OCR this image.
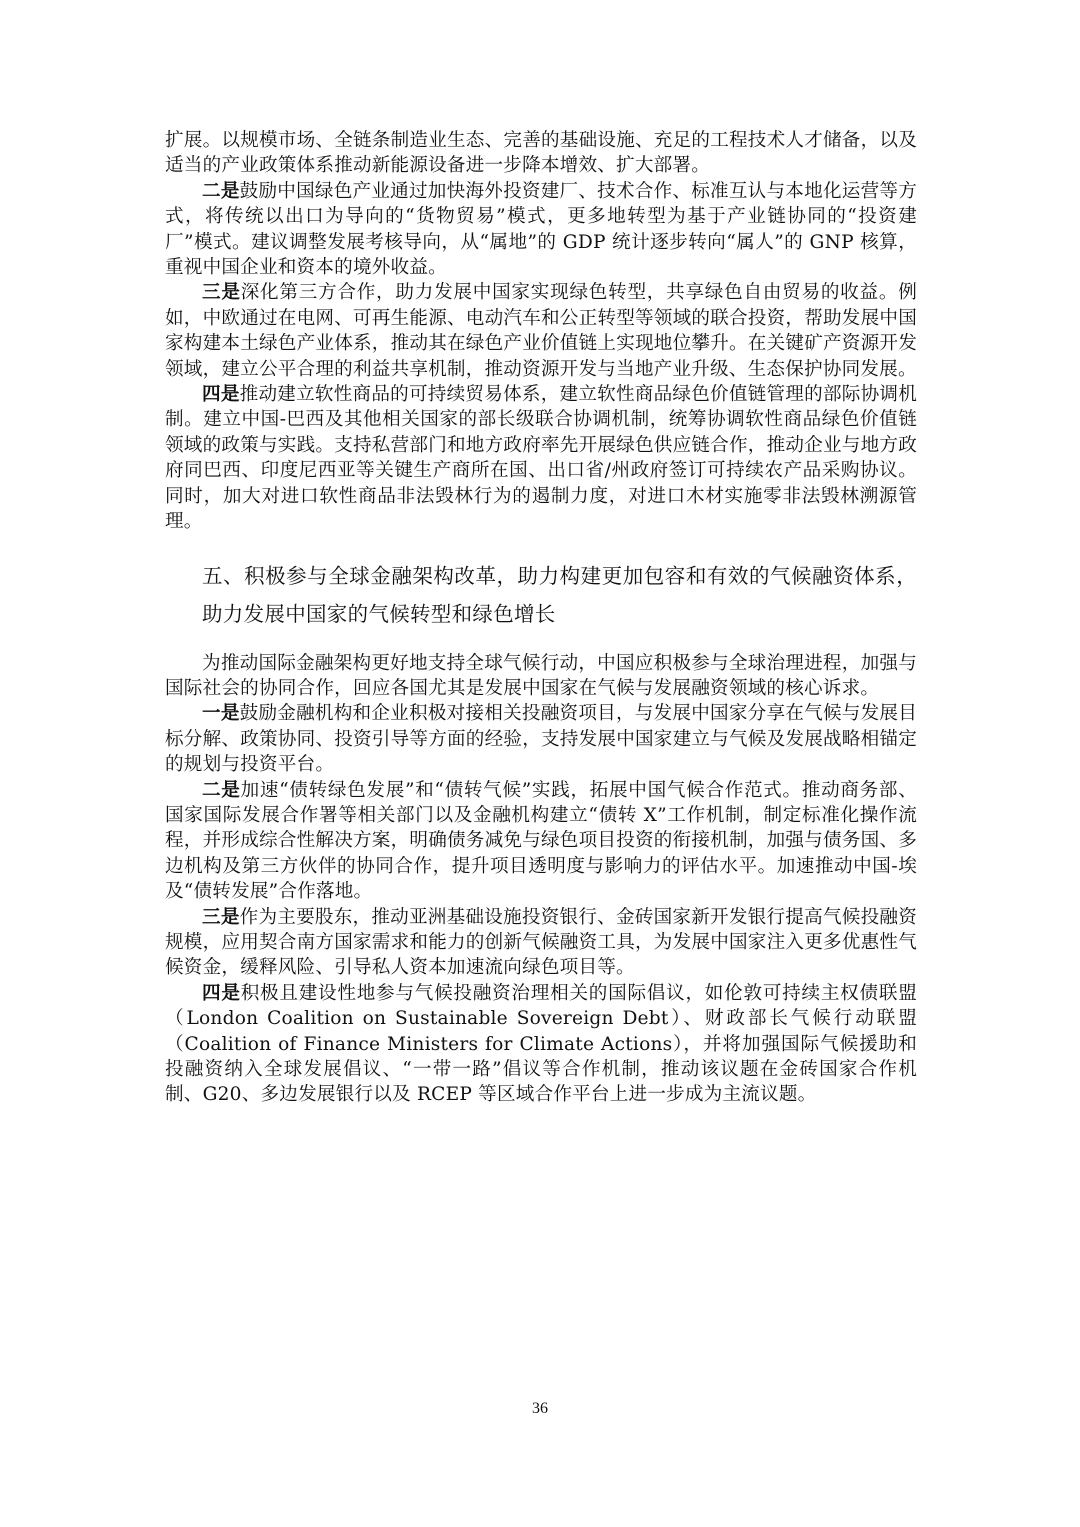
扩展。以规模市场、全链条制造业生态、完善的基础设施、充足的工程技术人才储备，以及适当的产业政策体系推动新能源设备进一步降本增效、扩大部署。

二是鼓励中国绿色产业通过加快海外投资建厂、技术合作、标准互认与本地化运营等方式，将传统以出口为导向的“货物贸易”模式，更多地转型为基于产业链协同的“投资建厂”模式。建议调整发展考核导向，从“属地”的 GDP 统计逐步转向“属人”的 GNP 核算，重视中国企业和资本的境外收益。

三是深化第三方合作，助力发展中国家实现绿色转型，共享绿色自由贸易的收益。例如，中欧通过在电网、可再生能源、电动汽车和公正转型等领域的联合投资，帮助发展中国家构建本土绿色产业体系，推动其在绿色产业价值链上实现地位攀升。在关键矿产资源开发领域，建立公平合理的利益共享机制，推动资源开发与当地产业升级、生态保护协同发展。

四是推动建立软性商品的可持续贸易体系，建立软性商品绿色价值链管理的部际协调机制。建立中国-巴西及其他相关国家的部长级联合协调机制，统筹协调软性商品绿色价值链领域的政策与实践。支持私营部门和地方政府率先开展绿色供应链合作，推动企业与地方政府同巴西、印度尼西亚等关键生产商所在国、出口省/州政府签订可持续农产品采购协议。同时，加大对进口软性商品非法毁林行为的遏制力度，对进口木材实施零非法毁林溯源管理。

五、积极参与全球金融架构改革，助力构建更加包容和有效的气候融资体系，助力发展中国家的气候转型和绿色增长

为推动国际金融架构更好地支持全球气候行动，中国应积极参与全球治理进程，加强与国际社会的协同合作，回应各国尤其是发展中国家在气候与发展融资领域的核心诉求。

一是鼓励金融机构和企业积极对接相关投融资项目，与发展中国家分享在气候与发展目标分解、政策协同、投资引导等方面的经验，支持发展中国家建立与气候及发展战略相锚定的规划与投资平台。

二是加速“债转绿色发展”和“债转气候”实践，拓展中国气候合作范式。推动商务部、国家国际发展合作署等相关部门以及金融机构建立“债转 X”工作机制，制定标准化操作流程，并形成综合性解决方案，明确债务减免与绿色项目投资的衔接机制，加强与债务国、多边机构及第三方伙伴的协同合作，提升项目透明度与影响力的评估水平。加速推动中国-埃及“债转发展”合作落地。

三是作为主要股东，推动亚洲基础设施投资银行、金砖国家新开发银行提高气候投融资规模，应用契合南方国家需求和能力的创新气候融资工具，为发展中国家注入更多优惠性气候资金，缓释风险、引导私人资本加速流向绿色项目等。

四是积极且建设性地参与气候投融资治理相关的国际倡议，如伦敦可持续主权债联盟（London Coalition on Sustainable Sovereign Debt）、财政部长气候行动联盟（Coalition of Finance Ministers for Climate Actions），并将加强国际气候援助和投融资纳入全球发展倡议、“一带一路”倡议等合作机制，推动该议题在金砖国家合作机制、G20、多边发展银行以及 RCEP 等区域合作平台上进一步成为主流议题。

36
